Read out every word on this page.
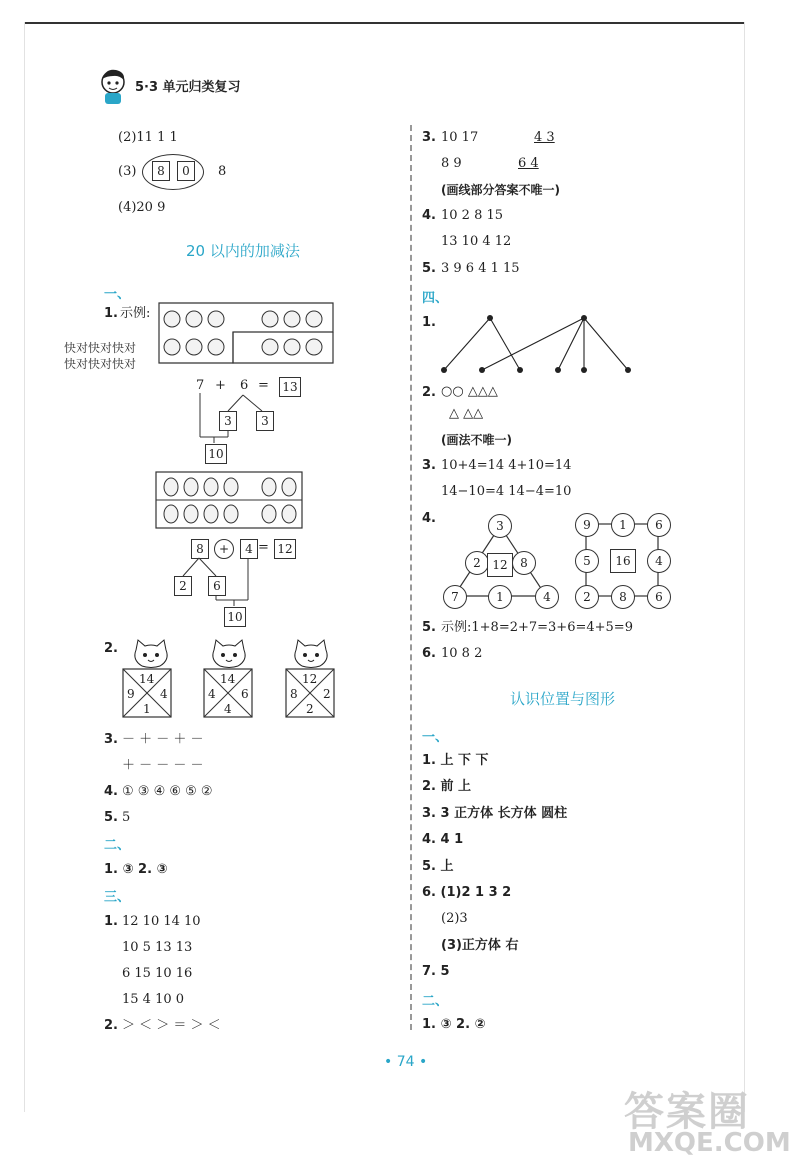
5·3 单元归类复习
(2)11 1 1
(3)	8	0	8
(4)20 9
20 以内的加减法
一、
1. 示例:
快对快对快对
快对快对快对
7 + 6 = 13
3	3
10
8	+	4 = 12
2	6
10
2.
14
9 4
1
14
4 6
4
12
8 2
2
3. － ＋ － ＋ －
＋ － － － －
4. ① ③ ④ ⑥ ⑤ ②
5. 5
二、
1. ③ 2. ③
三、
1. 12 10 14 10
10 5 13 13
6 15 10 16
15 4 10 0
2. ＞ ＜ ＞ ＝ ＞ ＜
3. 10 17	4 3
8 9	6 4
(画线部分答案不唯一)
4. 10 2 8 15
13 10 4 12
5. 3 9 6 4 1 15
四、
1.
2. ○○ △△△
△ △△
(画法不唯一)
3. 10+4=14 4+10=14
14−10=4 14−4=10
4.	3
2	8
7	1	4
12
9	1	6
5	4
2	8	6
16
5. 示例:1+8=2+7=3+6=4+5=9
6. 10 8 2
认识位置与图形
一、
1. 上 下 下
2. 前 上
3. 3 正方体 长方体 圆柱
4. 4 1
5. 上
6. (1)2 1 3 2
(2)3
(3)正方体 右
7. 5
二、
1. ③ 2. ②
• 74 •
答案圈
MXQE.COM
